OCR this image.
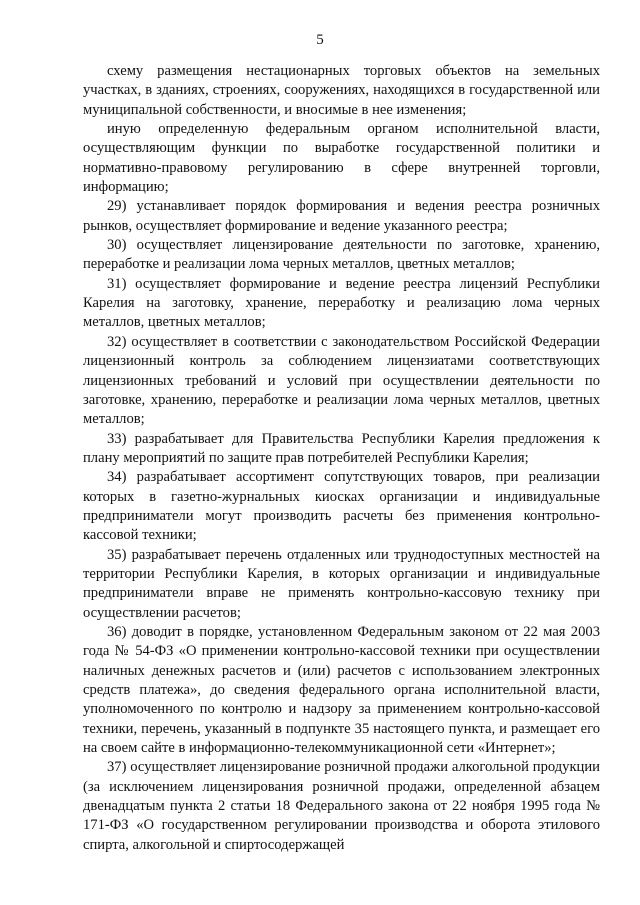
5

схему размещения нестационарных торговых объектов на земельных участках, в зданиях, строениях, сооружениях, находящихся в государственной или муниципальной собственности, и вносимые в нее изменения;

иную определенную федеральным органом исполнительной власти, осуществляющим функции по выработке государственной политики и нормативно-правовому регулированию в сфере внутренней торговли, информацию;

29) устанавливает порядок формирования и ведения реестра розничных рынков, осуществляет формирование и ведение указанного реестра;

30) осуществляет лицензирование деятельности по заготовке, хранению, переработке и реализации лома черных металлов, цветных металлов;

31) осуществляет формирование и ведение реестра лицензий Республики Карелия на заготовку, хранение, переработку и реализацию лома черных металлов, цветных металлов;

32) осуществляет в соответствии с законодательством Российской Федерации лицензионный контроль за соблюдением лицензиатами соответствующих лицензионных требований и условий при осуществлении деятельности по заготовке, хранению, переработке и реализации лома черных металлов, цветных металлов;

33) разрабатывает для Правительства Республики Карелия предложения к плану мероприятий по защите прав потребителей Республики Карелия;

34) разрабатывает ассортимент сопутствующих товаров, при реализации которых в газетно-журнальных киосках организации и индивидуальные предприниматели могут производить расчеты без применения контрольно-кассовой техники;

35) разрабатывает перечень отдаленных или труднодоступных местностей на территории Республики Карелия, в которых организации и индивидуальные предприниматели вправе не применять контрольно-кассовую технику при осуществлении расчетов;

36) доводит в порядке, установленном Федеральным законом от 22 мая 2003 года № 54-ФЗ «О применении контрольно-кассовой техники при осуществлении наличных денежных расчетов и (или) расчетов с использованием электронных средств платежа», до сведения федерального органа исполнительной власти, уполномоченного по контролю и надзору за применением контрольно-кассовой техники, перечень, указанный в подпункте 35 настоящего пункта, и размещает его на своем сайте в информационно-телекоммуникационной сети «Интернет»;

37) осуществляет лицензирование розничной продажи алкогольной продукции (за исключением лицензирования розничной продажи, определенной абзацем двенадцатым пункта 2 статьи 18 Федерального закона от 22 ноября 1995 года № 171-ФЗ «О государственном регулировании производства и оборота этилового спирта, алкогольной и спиртосодержащей
